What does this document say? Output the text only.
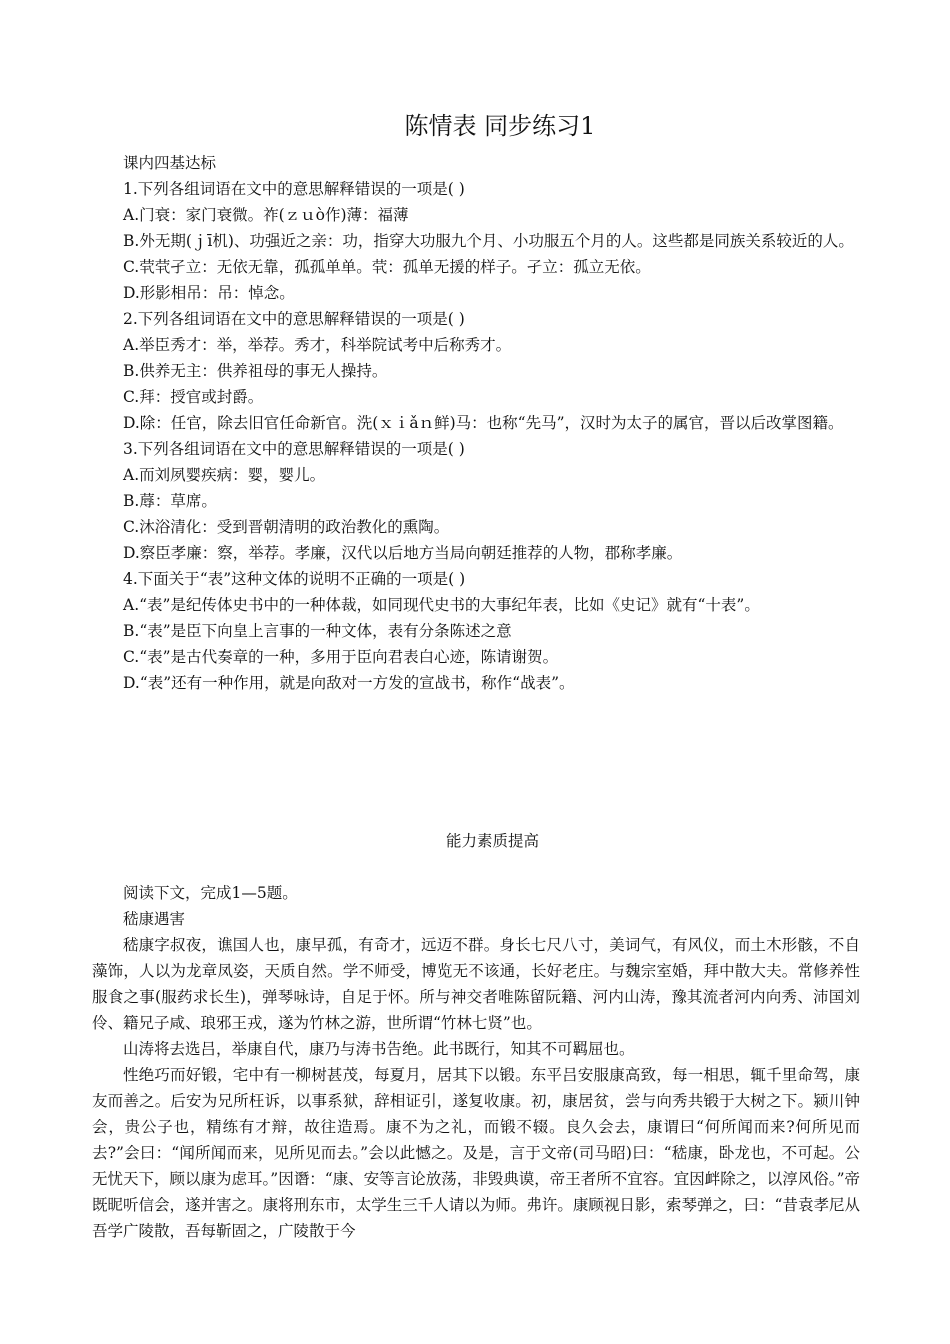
陈情表 同步练习1

课内四基达标

1.下列各组词语在文中的意思解释错误的一项是( )

A.门衰：家门衰微。祚(ｚｕò作)薄：福薄

B.外无期(ｊī机)、功强近之亲：功，指穿大功服九个月、小功服五个月的人。这些都是同族关系较近的人。

C.茕茕孑立：无依无靠，孤孤单单。茕：孤单无援的样子。孑立：孤立无依。

D.形影相吊：吊：悼念。

2.下列各组词语在文中的意思解释错误的一项是( )

A.举臣秀才：举，举荐。秀才，科举院试考中后称秀才。

B.供养无主：供养祖母的事无人操持。

C.拜：授官或封爵。

D.除：任官，除去旧官任命新官。洗(ｘｉǎｎ鲜)马：也称“先马”，汉时为太子的属官，晋以后改掌图籍。

3.下列各组词语在文中的意思解释错误的一项是( )

A.而刘夙婴疾病：婴，婴儿。

B.蓐：草席。

C.沐浴清化：受到晋朝清明的政治教化的熏陶。

D.察臣孝廉：察，举荐。孝廉，汉代以后地方当局向朝廷推荐的人物，郡称孝廉。

4.下面关于“表”这种文体的说明不正确的一项是( )

A.“表”是纪传体史书中的一种体裁，如同现代史书的大事纪年表，比如《史记》就有“十表”。

B.“表”是臣下向皇上言事的一种文体，表有分条陈述之意

C.“表”是古代奏章的一种，多用于臣向君表白心迹，陈请谢贺。

D.“表”还有一种作用，就是向敌对一方发的宣战书，称作“战表”。

能力素质提高

阅读下文，完成1—5题。

嵇康遇害

嵇康字叔夜，谯国人也，康早孤，有奇才，远迈不群。身长七尺八寸，美词气，有风仪，而土木形骸，不自藻饰，人以为龙章凤姿，天质自然。学不师受，博览无不该通，长好老庄。与魏宗室婚，拜中散大夫。常修养性服食之事(服药求长生)，弹琴咏诗，自足于怀。所与神交者唯陈留阮籍、河内山涛，豫其流者河内向秀、沛国刘伶、籍兄子咸、琅邪王戎，遂为竹林之游，世所谓“竹林七贤”也。

山涛将去选吕，举康自代，康乃与涛书告绝。此书既行，知其不可羁屈也。

性绝巧而好锻，宅中有一柳树甚茂，每夏月，居其下以锻。东平吕安服康高致，每一相思，辄千里命驾，康友而善之。后安为兄所枉诉，以事系狱，辞相证引，遂复收康。初，康居贫，尝与向秀共锻于大树之下。颍川钟会，贵公子也，精练有才辩，故往造焉。康不为之礼，而锻不辍。良久会去，康谓曰“何所闻而来?何所见而去?”会曰：“闻所闻而来，见所见而去。”会以此憾之。及是，言于文帝(司马昭)曰：“嵇康，卧龙也，不可起。公无忧天下，顾以康为虑耳。”因谮：“康、安等言论放荡，非毁典谟，帝王者所不宜容。宜因衅除之，以淳风俗。”帝既昵听信会，遂并害之。康将刑东市，太学生三千人请以为师。弗许。康顾视日影，索琴弹之，曰：“昔袁孝尼从吾学广陵散，吾每靳固之，广陵散于今
